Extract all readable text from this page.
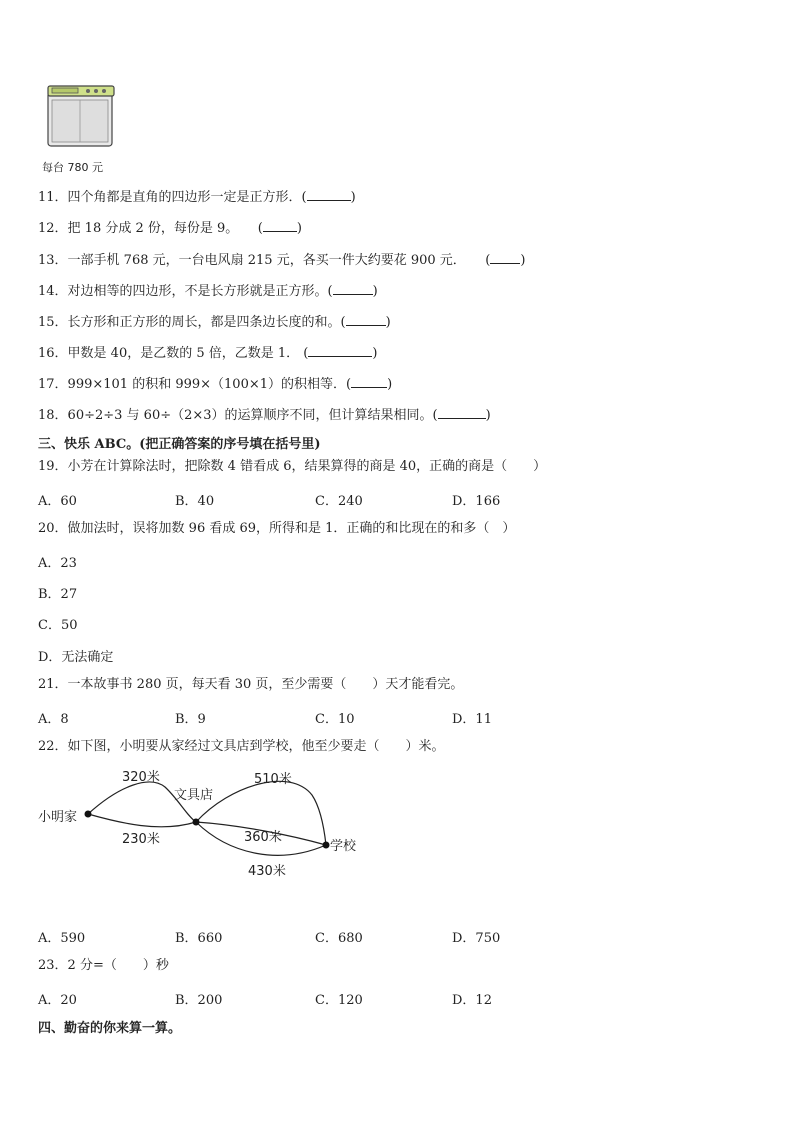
每台 780 元
11．四个角都是直角的四边形一定是正方形．(	)
12．把 18 分成 2 份，每份是 9。　　(	)
13．一部手机 768 元，一台电风扇 215 元，各买一件大约要花 900 元．　　( )
14．对边相等的四边形，不是长方形就是正方形。(	)
15．长方形和正方形的周长，都是四条边长度的和。(	)
16．甲数是 40，是乙数的 5 倍，乙数是 1． (	)
17．999×101 的积和 999×（100×1）的积相等．(	)
18．60÷2÷3 与 60÷（2×3）的运算顺序不同，但计算结果相同。(	)
三、快乐 ABC。(把正确答案的序号填在括号里)
19．小芳在计算除法时，把除数 4 错看成 6，结果算得的商是 40，正确的商是（　　）
A．60	B．40	C．240	D．166
20．做加法时，误将加数 96 看成 69，所得和是 1．正确的和比现在的和多（　）
A．23
B．27
C．50
D．无法确定
21．一本故事书 280 页，每天看 30 页，至少需要（　　）天才能看完。
A．8	B．9	C．10	D．11
22．如下图，小明要从家经过文具店到学校，他至少要走（　　）米。
小明家
文具店
学校
320米
230米
510米
360米
430米
A．590	B．660	C．680	D．750
23．2 分=（　　）秒
A．20	B．200	C．120	D．12
四、勤奋的你来算一算。
